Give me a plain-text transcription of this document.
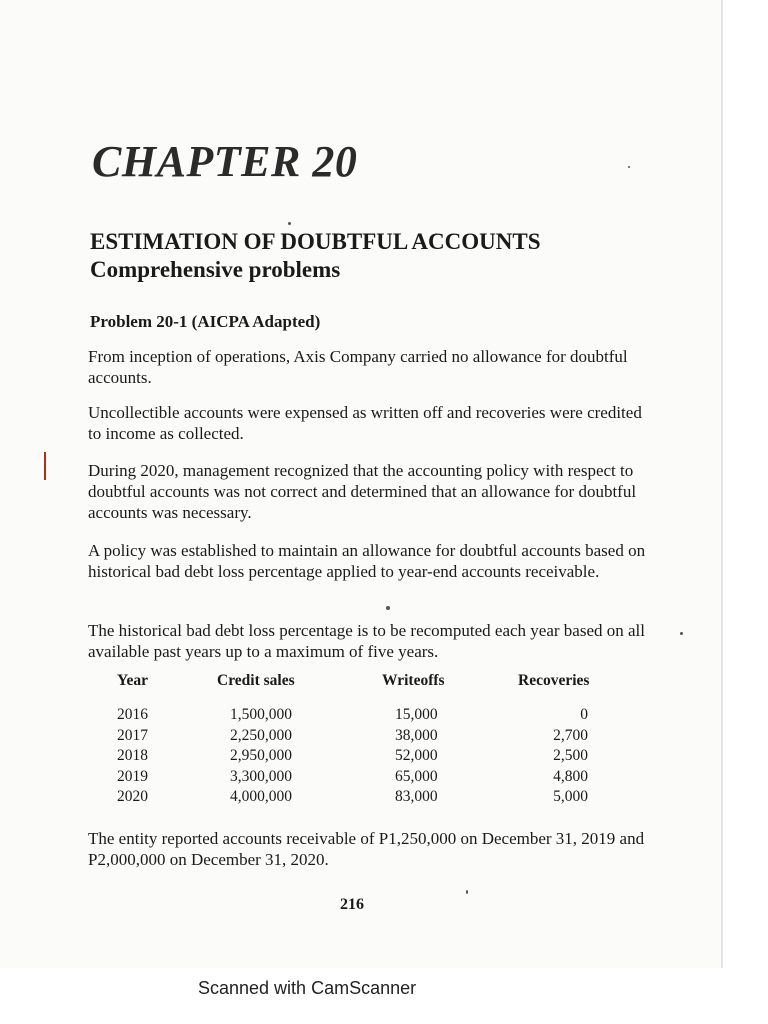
CHAPTER 20
ESTIMATION OF DOUBTFUL ACCOUNTS
Comprehensive problems
Problem 20-1 (AICPA Adapted)
From inception of operations, Axis Company carried no allowance for doubtful accounts.
Uncollectible accounts were expensed as written off and recoveries were credited to income as collected.
During 2020, management recognized that the accounting policy with respect to doubtful accounts was not correct and determined that an allowance for doubtful accounts was necessary.
A policy was established to maintain an allowance for doubtful accounts based on historical bad debt loss percentage applied to year-end accounts receivable.
The historical bad debt loss percentage is to be recomputed each year based on all available past years up to a maximum of five years.
Year	Credit sales	Writeoffs	Recoveries
2016	1,500,000	15,000	0
2017	2,250,000	38,000	2,700
2018	2,950,000	52,000	2,500
2019	3,300,000	65,000	4,800
2020	4,000,000	83,000	5,000
The entity reported accounts receivable of P1,250,000 on December 31, 2019 and P2,000,000 on December 31, 2020.
216
Scanned with CamScanner
